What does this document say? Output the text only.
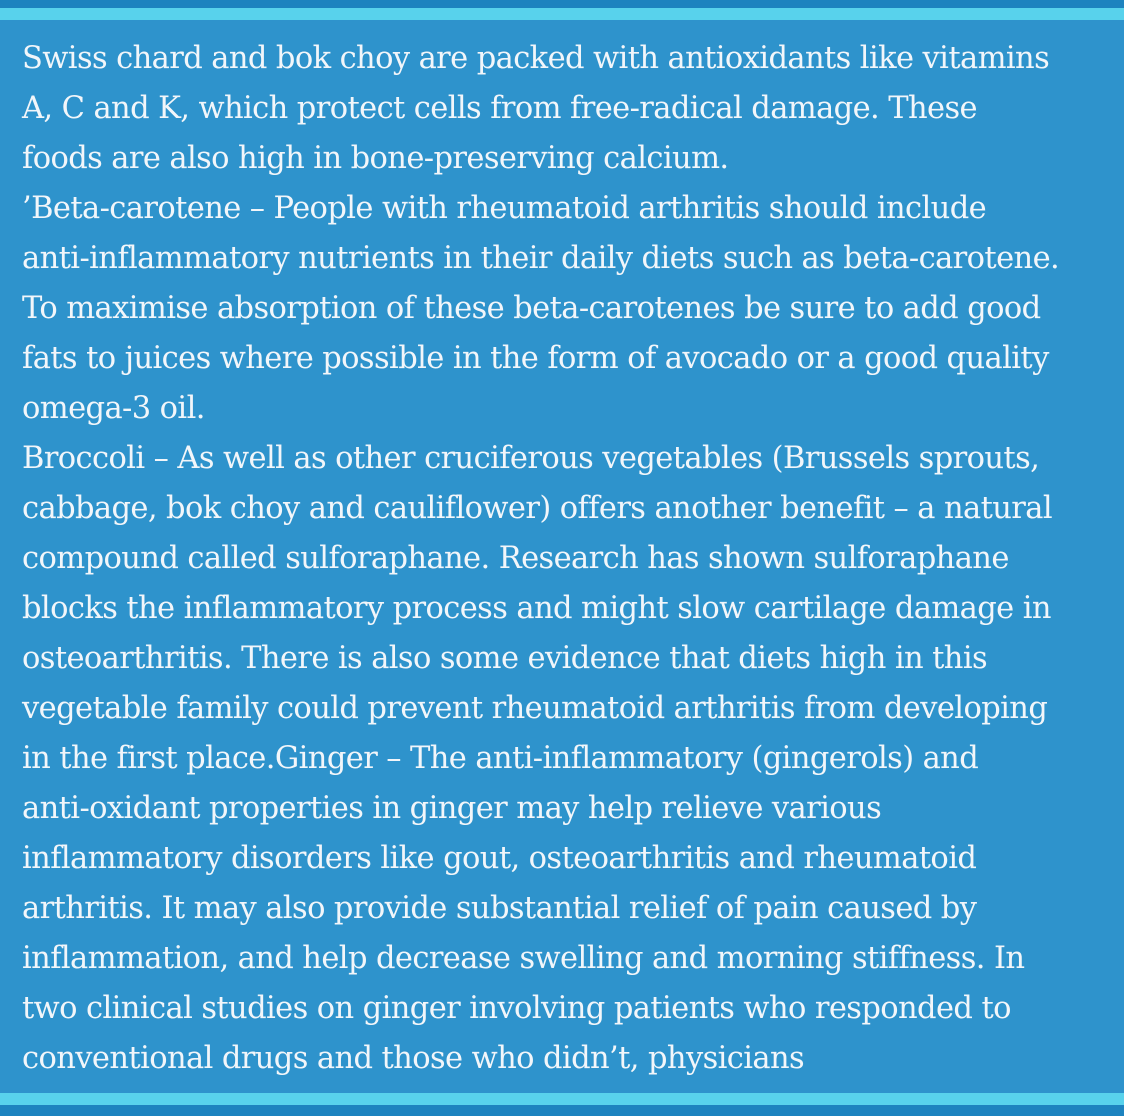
Swiss chard and bok choy are packed with antioxidants like vitamins
A, C and K, which protect cells from free-radical damage. These
foods are also high in bone-preserving calcium.
’Beta-carotene – People with rheumatoid arthritis should include
anti-inflammatory nutrients in their daily diets such as beta-carotene.
To maximise absorption of these beta-carotenes be sure to add good
fats to juices where possible in the form of avocado or a good quality
omega-3 oil.
Broccoli – As well as other cruciferous vegetables (Brussels sprouts,
cabbage, bok choy and cauliflower) offers another benefit – a natural
compound called sulforaphane. Research has shown sulforaphane
blocks the inflammatory process and might slow cartilage damage in
osteoarthritis. There is also some evidence that diets high in this
vegetable family could prevent rheumatoid arthritis from developing
in the first place.Ginger – The anti-inflammatory (gingerols) and
anti-oxidant properties in ginger may help relieve various
inflammatory disorders like gout, osteoarthritis and rheumatoid
arthritis. It may also provide substantial relief of pain caused by
inflammation, and help decrease swelling and morning stiffness. In
two clinical studies on ginger involving patients who responded to
conventional drugs and those who didn’t, physicians
